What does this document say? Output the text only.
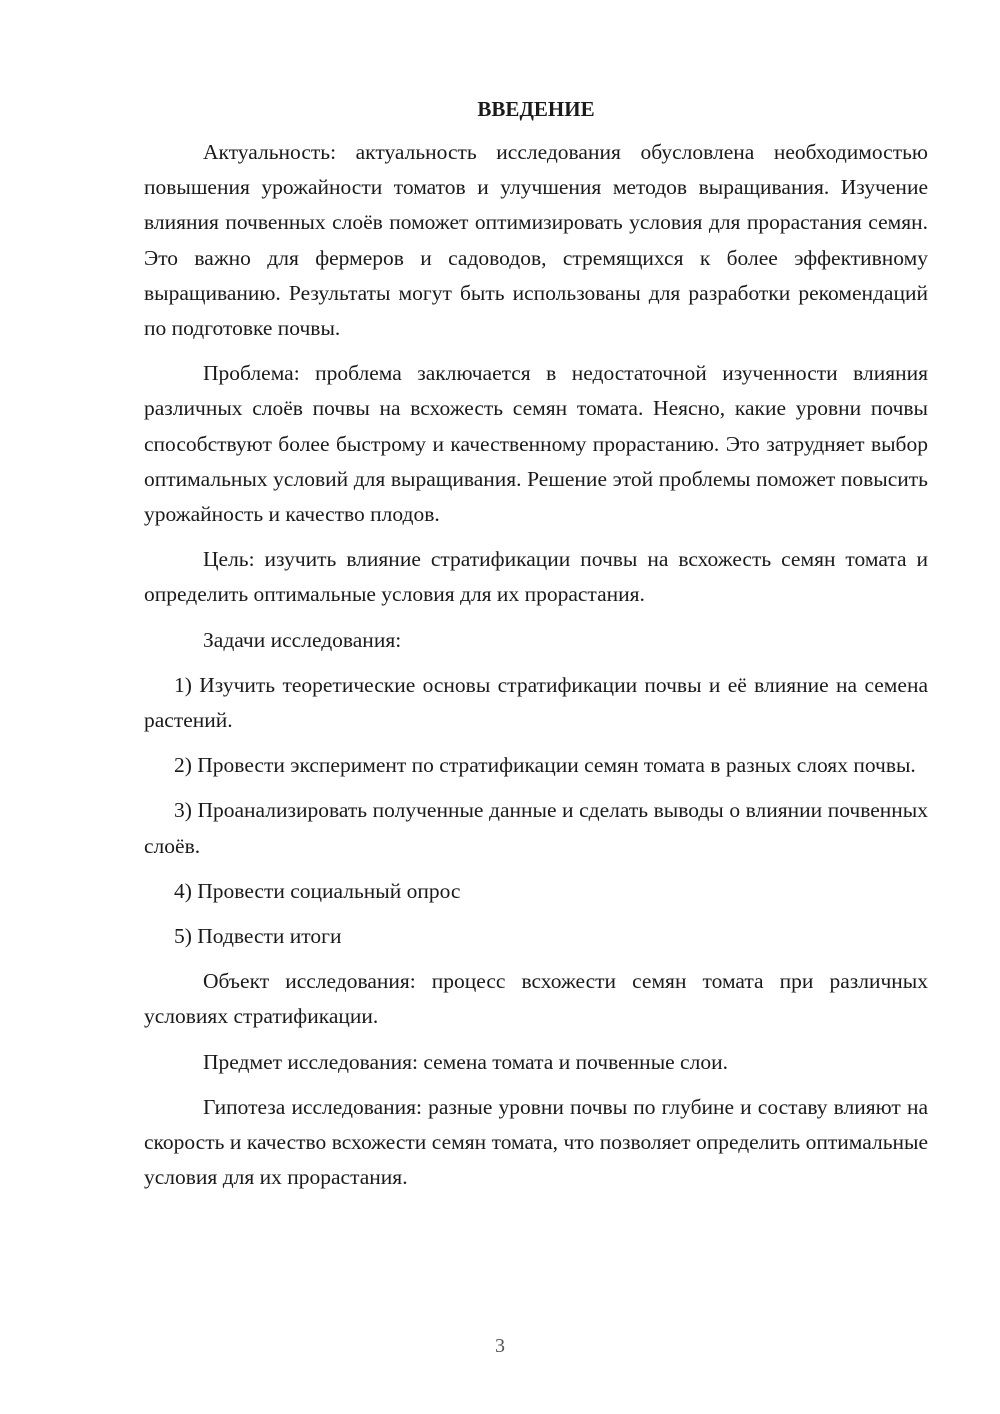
ВВЕДЕНИЕ

Актуальность: актуальность исследования обусловлена необходимостью повышения урожайности томатов и улучшения методов выращивания. Изучение влияния почвенных слоёв поможет оптимизировать условия для прорастания семян. Это важно для фермеров и садоводов, стремящихся к более эффективному выращиванию. Результаты могут быть использованы для разработки рекомендаций по подготовке почвы.

Проблема: проблема заключается в недостаточной изученности влияния различных слоёв почвы на всхожесть семян томата. Неясно, какие уровни почвы способствуют более быстрому и качественному прорастанию. Это затрудняет выбор оптимальных условий для выращивания. Решение этой проблемы поможет повысить урожайность и качество плодов.

Цель: изучить влияние стратификации почвы на всхожесть семян томата и определить оптимальные условия для их прорастания.

Задачи исследования:

1) Изучить теоретические основы стратификации почвы и её влияние на семена растений.

2) Провести эксперимент по стратификации семян томата в разных слоях почвы.

3) Проанализировать полученные данные и сделать выводы о влиянии почвенных слоёв.

4) Провести социальный опрос

5) Подвести итоги

Объект исследования: процесс всхожести семян томата при различных условиях стратификации.

Предмет исследования: семена томата и почвенные слои.

Гипотеза исследования: разные уровни почвы по глубине и составу влияют на скорость и качество всхожести семян томата, что позволяет определить оптимальные условия для их прорастания.

3
